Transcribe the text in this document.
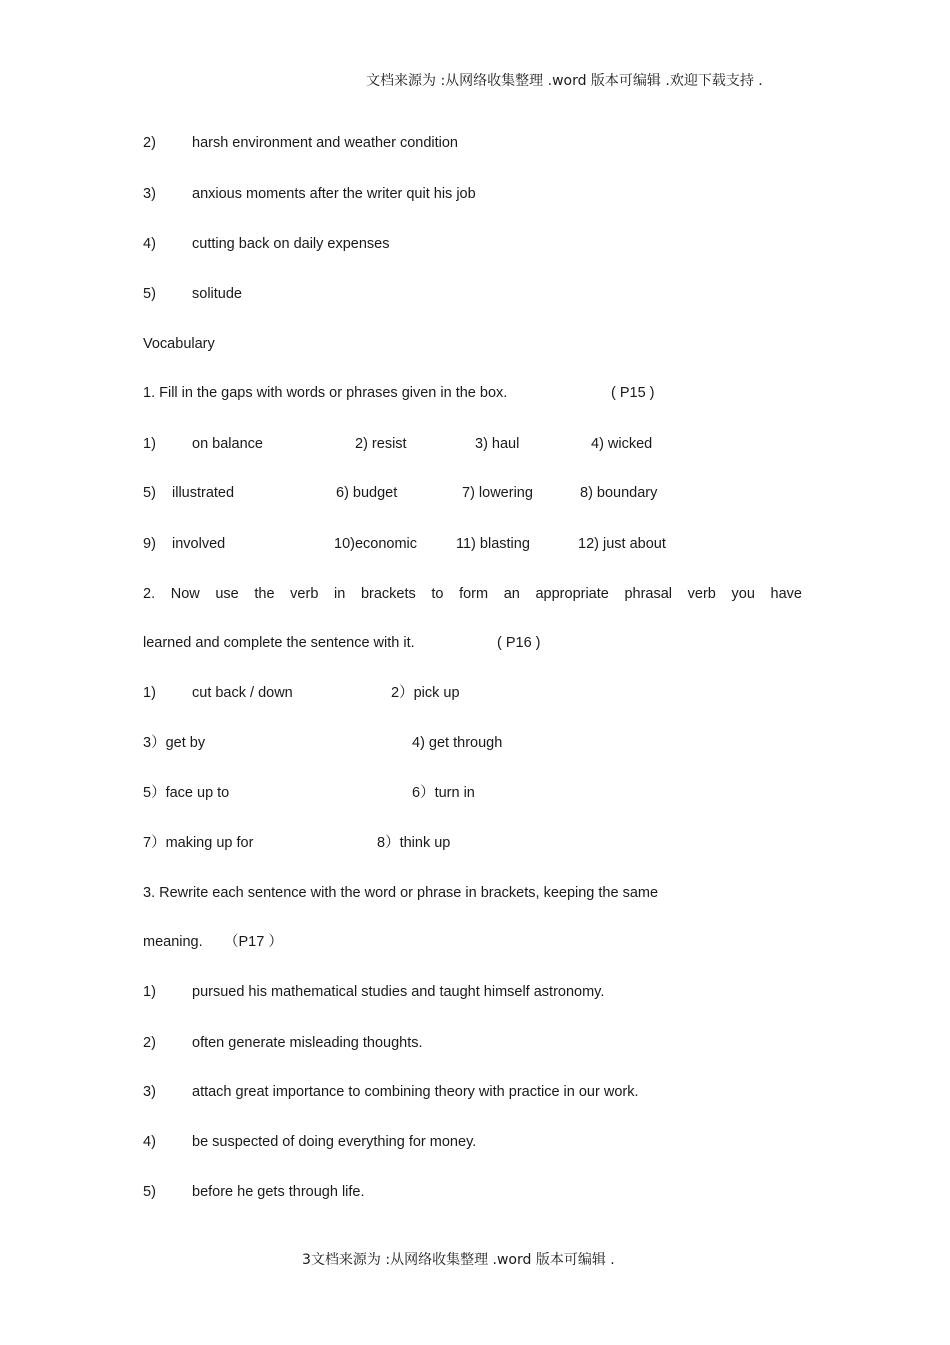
文档来源为 :从网络收集整理 .word 版本可编辑 .欢迎下载支持 .
2) harsh environment and weather condition
3) anxious moments after the writer quit his job
4) cutting back on daily expenses
5) solitude
Vocabulary
1. Fill in the gaps with words or phrases given in the box.	( P15 )
1) on balance	2) resist	3) haul	4) wicked
5) illustrated	6) budget	7) lowering	8) boundary
9) involved	10)economic	11) blasting	12) just about
2. Now use the verb in brackets to form an appropriate phrasal verb you have
learned and complete the sentence with it.	( P16 )
1) cut back / down	2）pick up
3）get by	4) get through
5）face up to	6）turn in
7）making up for	8）think up
3. Rewrite each sentence with the word or phrase in brackets, keeping the same
meaning. （P17 ）
1) pursued his mathematical studies and taught himself astronomy.
2) often generate misleading thoughts.
3) attach great importance to combining theory with practice in our work.
4) be suspected of doing everything for money.
5) before he gets through life.
3文档来源为 :从网络收集整理 .word 版本可编辑 .
